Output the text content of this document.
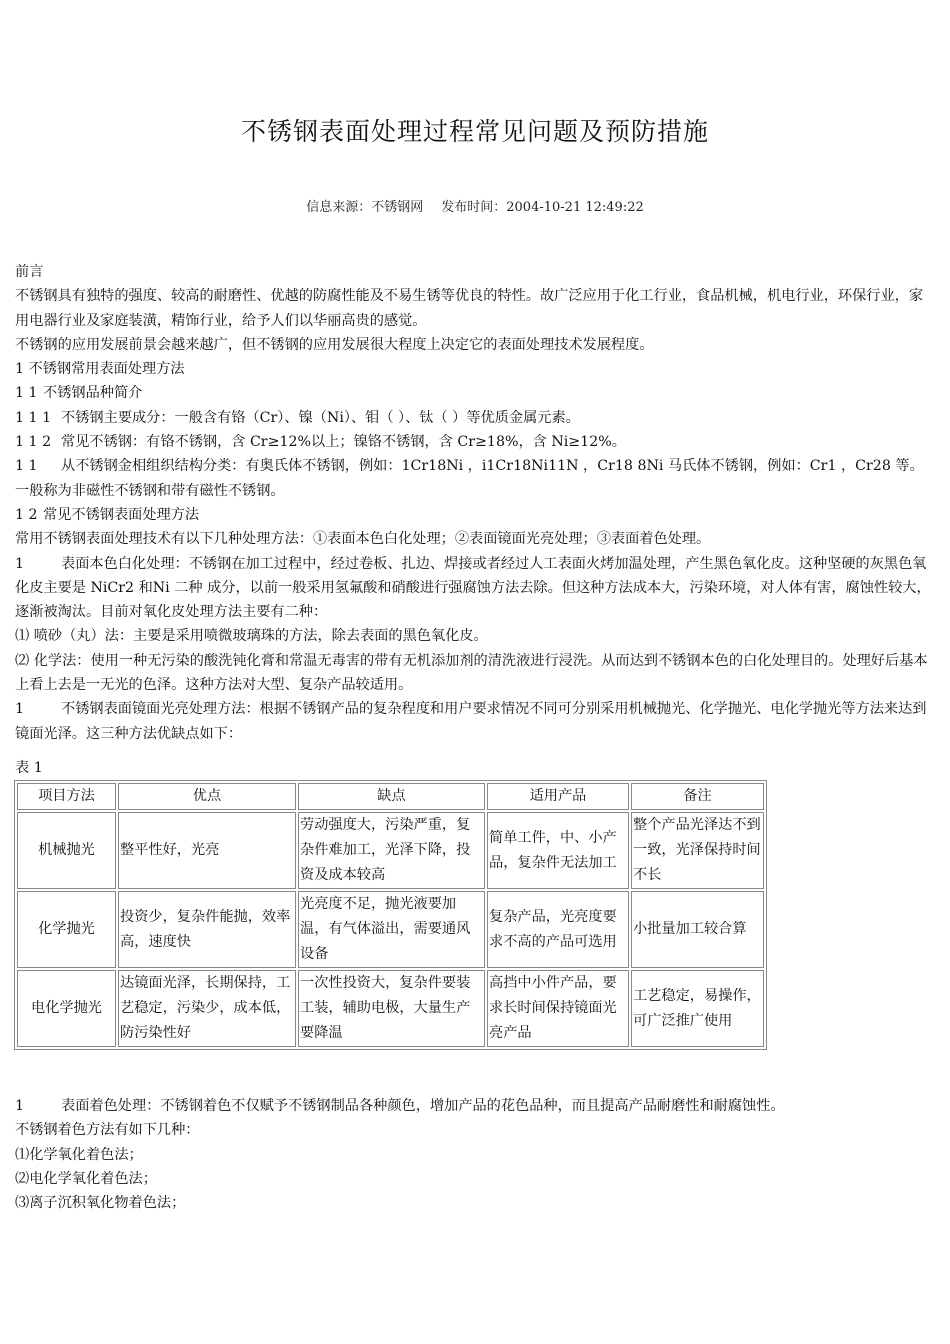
不锈钢表面处理过程常见问题及预防措施
信息来源：不锈钢网 发布时间：2004-10-21 12:49:22

前言

不锈钢具有独特的强度、较高的耐磨性、优越的防腐性能及不易生锈等优良的特性。故广泛应用于化工行业，食品机械，机电行业，环保行业，家用电器行业及家庭装潢，精饰行业，给予人们以华丽高贵的感觉。

不锈钢的应用发展前景会越来越广，但不锈钢的应用发展很大程度上决定它的表面处理技术发展程度。

1 不锈钢常用表面处理方法

1 1 不锈钢品种简介

1 1 1 不锈钢主要成分：一般含有铬（Cr）、镍（Ni）、钼（ ）、钛（ ）等优质金属元素。

1 1 2 常见不锈钢：有铬不锈钢，含 Cr≥12%以上；镍铬不锈钢，含 Cr≥18%，含 Ni≥12%。

1 1 从不锈钢金相组织结构分类：有奥氏体不锈钢，例如：1Cr18Ni ，i1Cr18Ni11N ，Cr18 8Ni 马氏体不锈钢，例如：Cr1 ，Cr28 等。一般称为非磁性不锈钢和带有磁性不锈钢。

1 2 常见不锈钢表面处理方法

常用不锈钢表面处理技术有以下几种处理方法：①表面本色白化处理；②表面镜面光亮处理；③表面着色处理。

1	表面本色白化处理：不锈钢在加工过程中，经过卷板、扎边、焊接或者经过人工表面火烤加温处理，产生黑色氧化皮。这种坚硬的灰黑色氧化皮主要是 NiCr2 和Ni 二种 成分，以前一般采用氢氟酸和硝酸进行强腐蚀方法去除。但这种方法成本大，污染环境，对人体有害，腐蚀性较大，逐渐被淘汰。目前对氧化皮处理方法主要有二种：

⑴ 喷砂（丸）法：主要是采用喷微玻璃珠的方法，除去表面的黑色氧化皮。

⑵ 化学法：使用一种无污染的酸洗钝化膏和常温无毒害的带有无机添加剂的清洗液进行浸洗。从而达到不锈钢本色的白化处理目的。处理好后基本上看上去是一无光的色泽。这种方法对大型、复杂产品较适用。

1	不锈钢表面镜面光亮处理方法：根据不锈钢产品的复杂程度和用户要求情况不同可分别采用机械抛光、化学抛光、电化学抛光等方法来达到镜面光泽。这三种方法优缺点如下：

表 1
项目方法	优点	缺点	适用产品	备注
机械抛光	整平性好，光亮	劳动强度大，污染严重，复杂件难加工，光泽下降，投资及成本较高	简单工件，中、小产品，复杂件无法加工	整个产品光泽达不到一致，光泽保持时间不长
化学抛光	投资少，复杂件能抛，效率高，速度快	光亮度不足，抛光液要加温，有气体溢出，需要通风设备	复杂产品，光亮度要求不高的产品可选用	小批量加工较合算
电化学抛光	达镜面光泽，长期保持，工艺稳定，污染少，成本低，防污染性好	一次性投资大，复杂件要装工装，辅助电极，大量生产要降温	高挡中小件产品，要求长时间保持镜面光亮产品	工艺稳定，易操作，可广泛推广使用

1	表面着色处理：不锈钢着色不仅赋予不锈钢制品各种颜色，增加产品的花色品种，而且提高产品耐磨性和耐腐蚀性。

不锈钢着色方法有如下几种：

⑴化学氧化着色法；

⑵电化学氧化着色法；

⑶离子沉积氧化物着色法；
